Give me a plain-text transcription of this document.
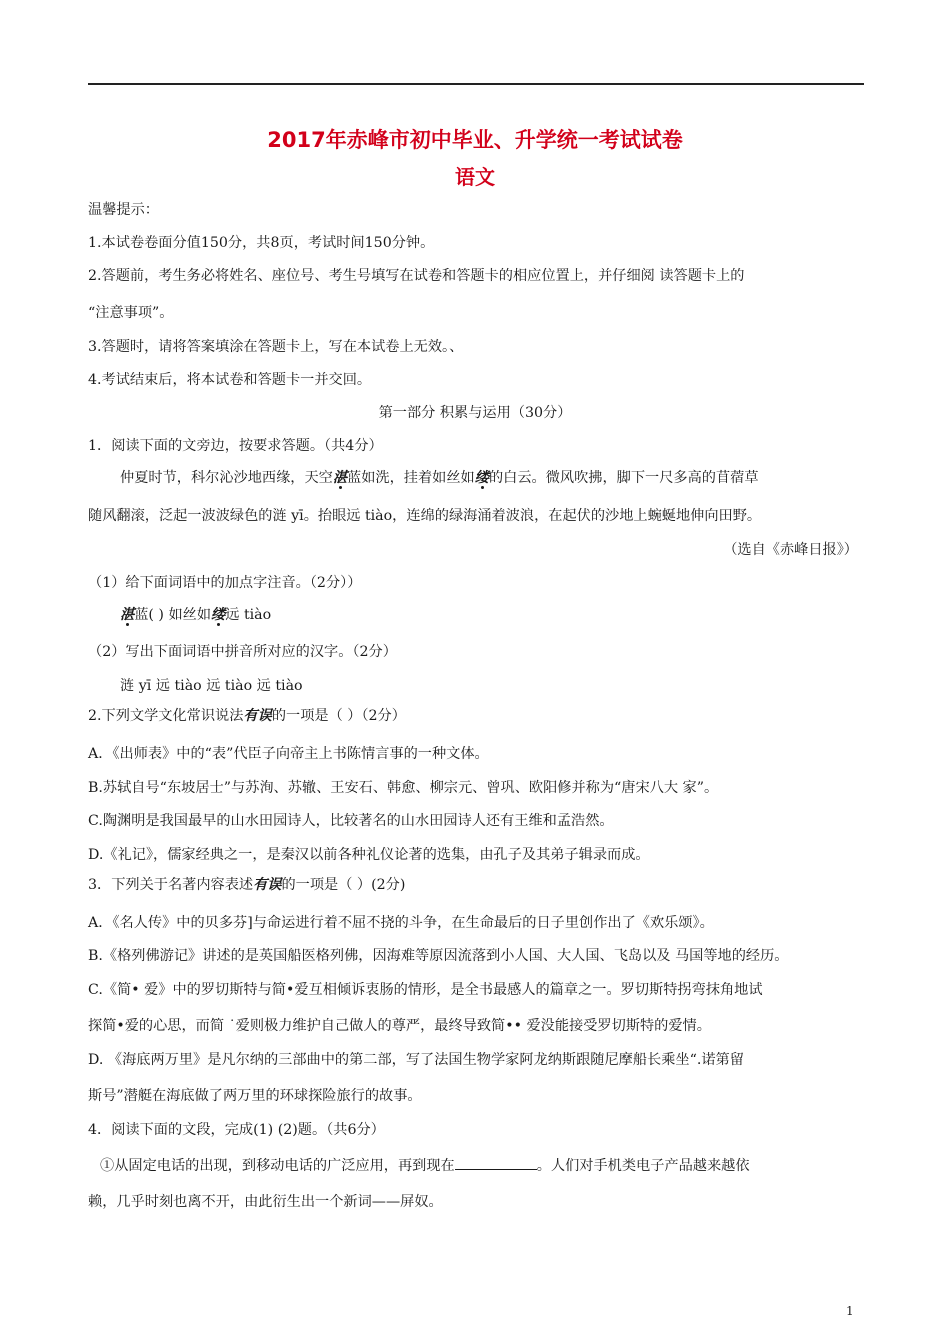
2017年赤峰市初中毕业、升学统一考试试卷
语文
温馨提示：
1.本试卷卷面分值150分，共8页，考试时间150分钟。
2.答题前，考生务必将姓名、座位号、考生号填写在试卷和答题卡的相应位置上，并仔细阅 读答题卡上的
“注意事项”。
3.答题时，请将答案填涂在答题卡上，写在本试卷上无效。、
4.考试结束后，将本试卷和答题卡一并交回。
第一部分 积累与运用（30分）
1．阅读下面的文旁边，按要求答题。（共4分）
仲夏时节，科尔沁沙地西缘，天空湛蓝如洗，挂着如丝如缕的白云。微风吹拂，脚下一尺多高的苜蓿草
随风翻滚，泛起一波波绿色的涟 yī。抬眼远 tiào，连绵的绿海涌着波浪，在起伏的沙地上蜿蜒地伸向田野。
（选自《赤峰日报》）
（1）给下面词语中的加点字注音。（2分））
湛蓝( ) 如丝如缕远 tiào
（2）写出下面词语中拼音所对应的汉字。（2分）
涟 yī 远 tiào 远 tiào 远 tiào
2.下列文学文化常识说法有误的一项是（ ）（2分）
A．《出师表》中的“表”代臣子向帝主上书陈情言事的一种文体。
B.苏轼自号“东坡居士”与苏洵、苏辙、王安石、韩愈、柳宗元、曾巩、欧阳修并称为“唐宋八大 家”。
C.陶渊明是我国最早的山水田园诗人，比较著名的山水田园诗人还有王维和孟浩然。
D.《礼记》，儒家经典之一，是秦汉以前各种礼仪论著的选集，由孔子及其弟子辑录而成。
3．下列关于名著内容表述有误的一项是（ ）(2分)
A．《名人传》中的贝多芬]与命运进行着不屈不挠的斗争，在生命最后的日子里创作出了《欢乐颂》。
B.《格列佛游记》讲述的是英国船医格列佛，因海难等原因流落到小人国、大人国、飞岛以及 马国等地的经历。
C.《简• 爱》中的罗切斯特与简•爱互相倾诉衷肠的情形，是全书最感人的篇章之一。罗切斯特拐弯抹角地试
探简•爱的心思，而简 ˙爱则极力维护自己做人的尊严，最终导致简•• 爱没能接受罗切斯特的爱情。
D. 《海底两万里》是凡尔纳的三部曲中的第二部，写了法国生物学家阿龙纳斯跟随尼摩船长乘坐“.诺第留
斯号”潜艇在海底做了两万里的环球探险旅行的故事。
4．阅读下面的文段，完成(1) (2)题。（共6分）
①从固定电话的出现，到移动电话的广泛应用，再到现在	。人们对手机类电子产品越来越依
赖，几乎时刻也离不开，由此衍生出一个新词——屏奴。
1
